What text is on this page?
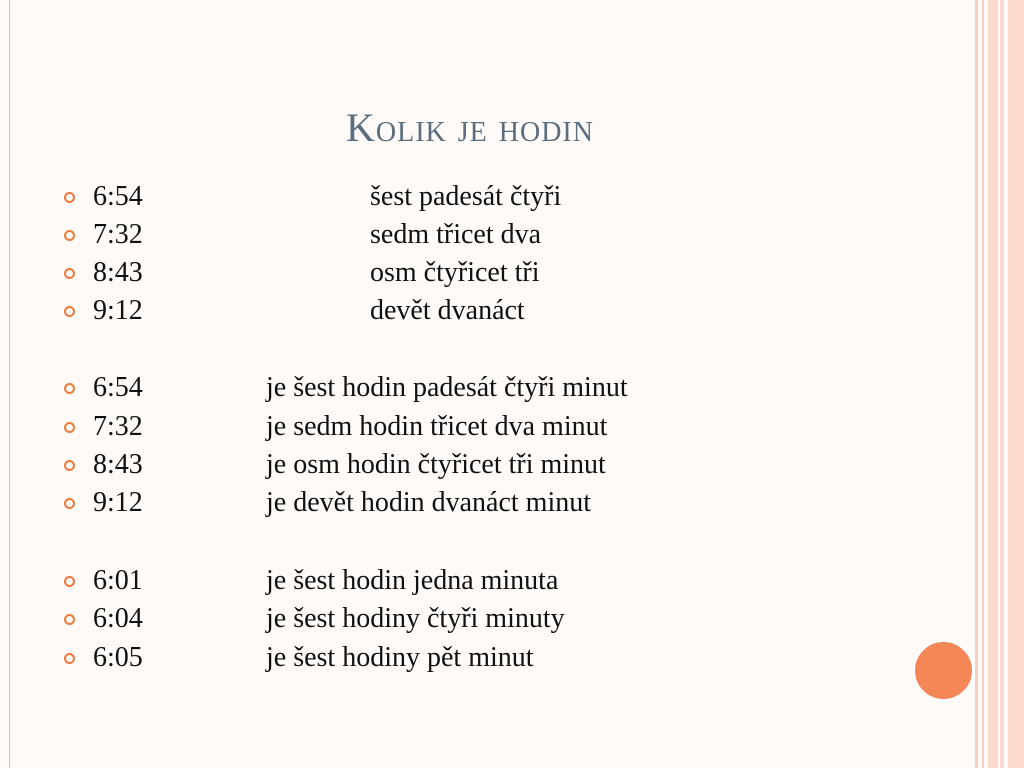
Kolik je hodin
6:54	šest padesát čtyři
7:32	sedm třicet dva
8:43	osm čtyřicet tři
9:12	devět dvanáct
6:54	je šest hodin padesát čtyři minut
7:32	je sedm hodin třicet dva minut
8:43	je osm hodin čtyřicet tři minut
9:12	je devět hodin dvanáct minut
6:01	je šest hodin jedna minuta
6:04	je šest hodiny čtyři minuty
6:05	je šest hodiny pět minut
